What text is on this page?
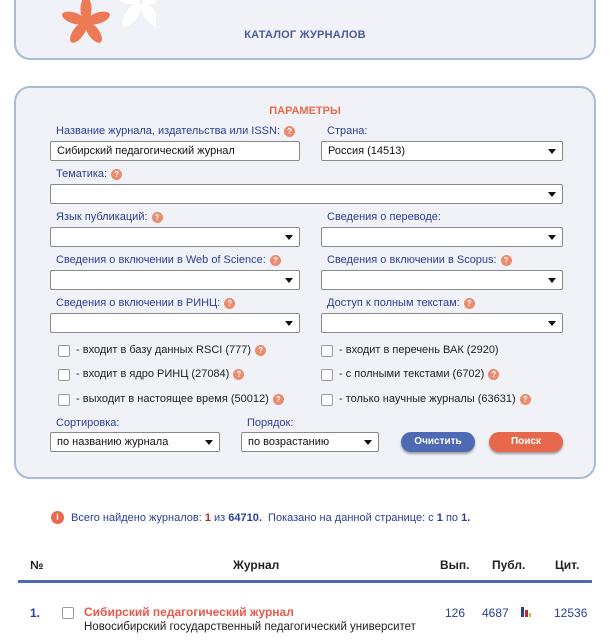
КАТАЛОГ ЖУРНАЛОВ
ПАРАМЕТРЫ
Название журнала, издательства или ISSN: ?
Сибирский педагогический журнал
Страна:
Россия (14513)
Тематика: ?
Язык публикаций: ?	Сведения о переводе:
Сведения о включении в Web of Science: ?	Сведения о включении в Scopus: ?
Сведения о включении в РИНЦ: ?	Доступ к полным текстам: ?
- входит в базу данных RSCI (777) ?	- входит в перечень ВАК (2920)
- входит в ядро РИНЦ (27084) ?	- с полными текстами (6702) ?
- выходит в настоящее время (50012) ?	- только научные журналы (63631) ?
Сортировка:
по названию журнала
Порядок:
по возрастанию	Очистить	Поиск
i	Всего найдено журналов:
1
из
64710.
Показано на данной странице: с
1
по
1.
№	Журнал	Вып. Публ. Цит.
1.	Сибирский педагогический журнал
Новосибирский государственный педагогический университет
126 4687	12536
